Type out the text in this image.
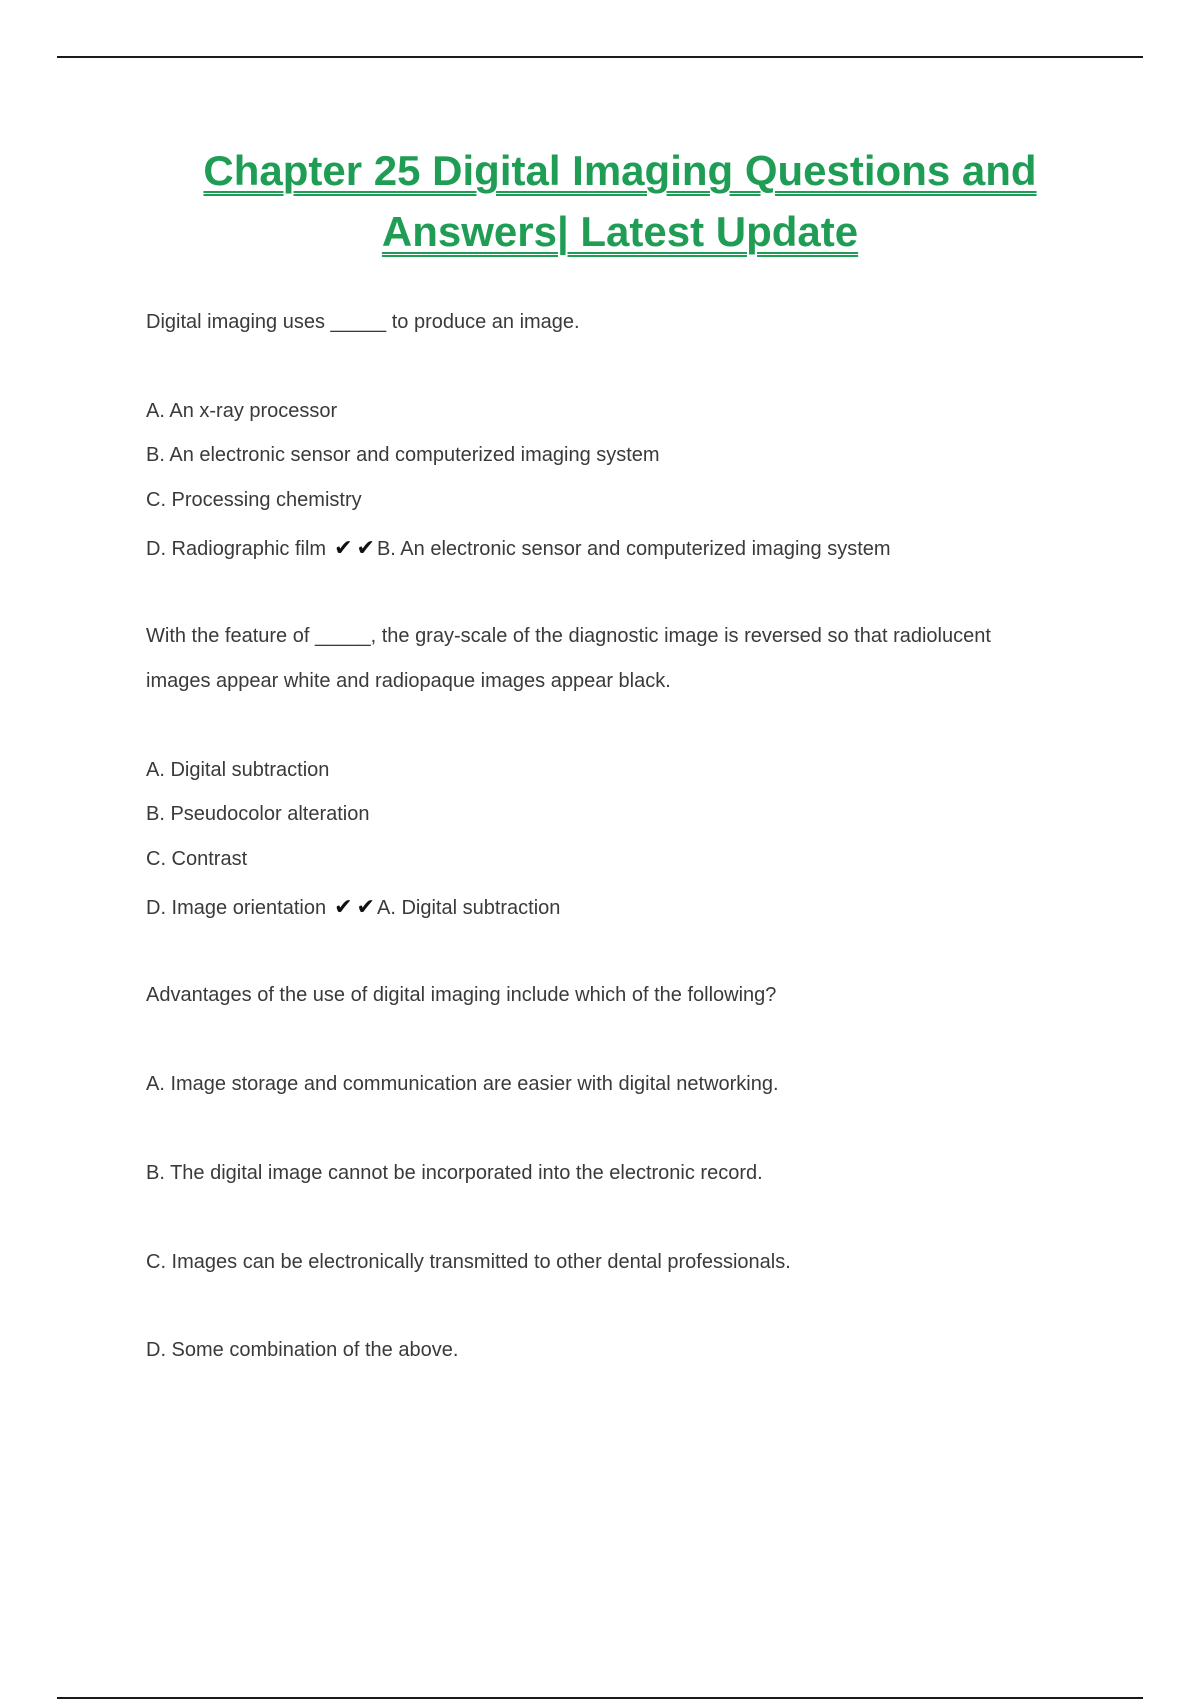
Chapter 25 Digital Imaging Questions and
Answers| Latest Update
Digital imaging uses _____ to produce an image.
A. An x-ray processor
B. An electronic sensor and computerized imaging system
C. Processing chemistry
D. Radiographic film ✔ ✔ B. An electronic sensor and computerized imaging system
With the feature of _____, the gray-scale of the diagnostic image is reversed so that radiolucent
images appear white and radiopaque images appear black.
A. Digital subtraction
B. Pseudocolor alteration
C. Contrast
D. Image orientation ✔ ✔ A. Digital subtraction
Advantages of the use of digital imaging include which of the following?
A. Image storage and communication are easier with digital networking.
B. The digital image cannot be incorporated into the electronic record.
C. Images can be electronically transmitted to other dental professionals.
D. Some combination of the above.
